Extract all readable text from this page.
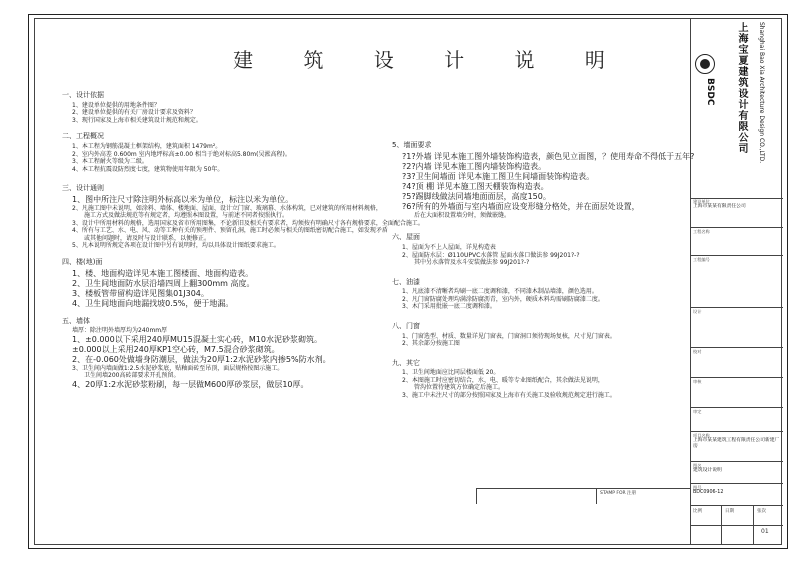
建 筑 设 计 说 明
一、设计依据
1、建设单位提供的用地条件图？
2、建设单位提供的有关厂房设计要求及资料？
3、现行国家及上海市相关建筑设计规范和规定。
二、工程概况
1、本工程为钢筋混凝土框架结构，建筑面积 1479m²。
2、室内外高差 0.600m 室内地坪标高±0.00 相当于绝对标高5.80m(吴淞高程)。
3、本工程耐火等级为二级。
4、本工程抗震设防烈度七度，建筑物使用年限为 50年。
三、设计通则
1、图中所注尺寸除注明外标高以米为单位，标注以米为单位。
2、凡施工图中未说明，如涂料、墙体、楼地面、屋面、设计立门窗、玻璃幕、水体构筑，已对建筑的所用材料规格，
施工方式及做法规范等有规定者，均遵照本图设置，与前述不同者按照执行。
3、设计中所用材料的规格，选用国家及省市所用图集，不论新旧及相关有要求者，均须按有明确尺寸各有规格要求，全面配合施工。
4、所有与工艺、水、电、风、动等工种有关的预埋件、预留孔洞，施工时必须与相关的图纸密切配合施工，如发现矛盾
或其他问题时，请及时与设计联系，以便修正。
5、凡本说明所规定各项在设计图中另有说明时，均以具体设计图纸要求施工。
四、楼(地)面
1、楼、地面构造详见本施工图楼面、地面构造表。
2、卫生间地面防水层沿墙四周上翻300mm 高度。
3、楼板管带留构造详见图集01J304。
4、卫生间地面向地漏找坡0.5%，便于地漏。
五、墙体
墙厚：除注明外墙厚均为240mm厚
1、±0.000以下采用240厚MU15混凝土实心砖，M10水泥砂浆砌筑。
±0.000以上采用240厚KP1空心砖，M7.5混合砂浆砌筑。
2、在-0.060处做墙身防潮层，做法为20厚1:2水泥砂浆内掺5%防水剂。
3、卫生间内墙面做1:2.5水泥砂浆底，贴釉面砖至吊顶，面层规格按图示施工。
卫生间墙200高砖部要求开孔预留。
4、20厚1:2水泥砂浆粉刷，每一层做M600厚砂浆层，做层10厚。
5、墙面要求
?1?外墙 详见本施工图外墙装饰构造表，颜色见立面图，？使用寿命不得低于五年?
?2?内墙 详见本施工图内墙装饰构造表。
?3?卫生间墙面 详见本施工图卫生间墙面装饰构造表。
?4?顶 棚 详见本施工图天棚装饰构造表。
?5?踢脚线做法同墙地面面层，高度150。
?6?所有的外墙面与室内墙面应设变形缝分格处，并在面层处设置，
后在大面积设置墙分时，须做嵌缝。
六、屋面
1、屋面为不上人屋面，详见构造表
2、屋面防水层：Ø110UPVC水落管 屋面水落口做法参 99J201?-?
其中另水落管及水斗安装做法参 99J201?-?
七、油漆
1、凡底漆不清晰者均刷一底二度调和漆，不同漆木制品墙漆，颜色选用。
2、凡门窗防腐处理均满涂防腐沥青，室内外，硬质木料均需刷防腐漆二度。
3、木门采用批嵌一底二度调和漆。
八、门窗
1、门窗选型、材质、数量详见门窗表，门窗洞口须待现场复核，尺寸见门窗表。
2、其余部分按施工图
九、其它
1、卫生间地面应比同层楼面低 20。
2、本图施工时应密切结合，水、电、暖等专业图纸配合，其余做法见说明，
管沟位置待建筑方位确定后施工。
3、施工中未注尺寸的部分按照国家及上海市有关施工及验收规范规定进行施工。
STAMP FOR 注册
BSDC	上海宝夏建筑设计有限公司	Shanghai Bao Xia Architecture Design CO.,LTD.
建设单位
上海市某某有限责任公司
工程名称
工程编号
设计
校对
审核
审定
项目名称
上海市某某建筑工程有限责任公司新建厂房
图名
建筑设计说明
图号
BDC0906-12
比例	日期	张次
01
